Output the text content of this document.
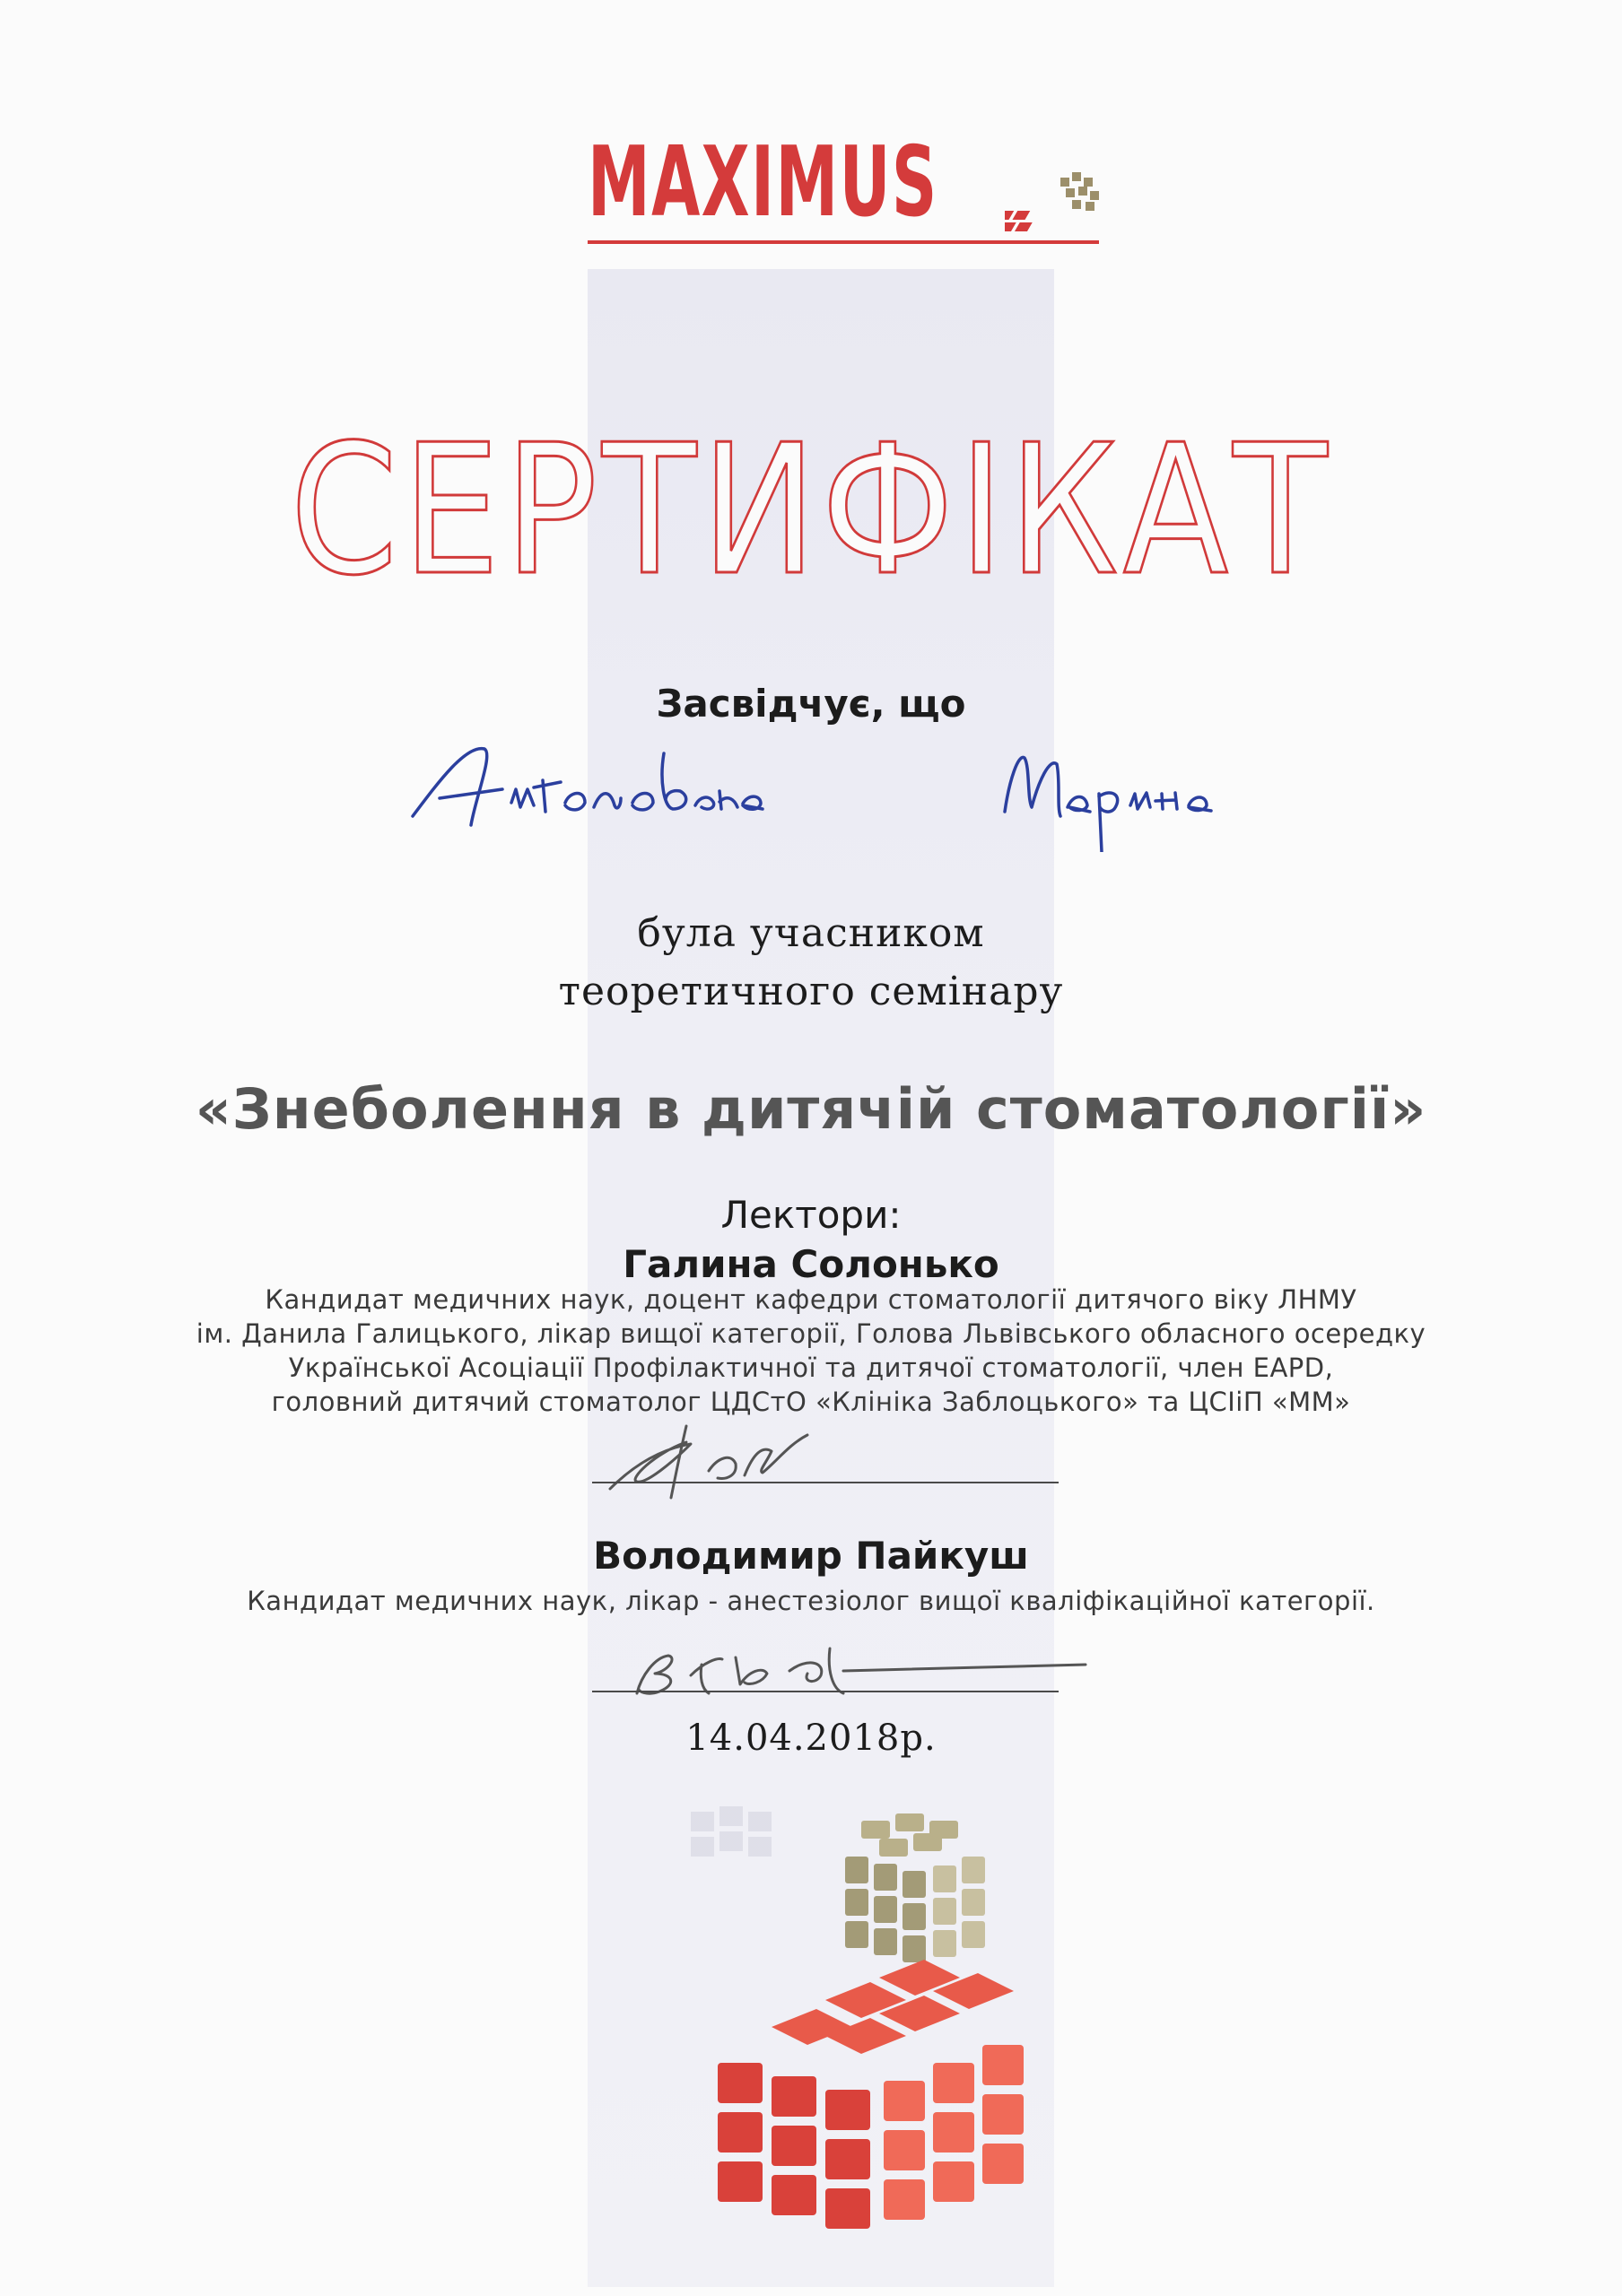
MAXIMUS
СЕРТИФІКАТ
Засвідчує, що
була учасником
теоретичного семінару
«Знеболення в дитячій стоматології»
Лектори:
Галина Солонько
Кандидат медичних наук, доцент кафедри стоматології дитячого віку ЛНМУ
ім. Данила Галицького, лікар вищої категорії, Голова Львівського обласного осередку
Української Асоціації Профілактичної та дитячої стоматології, член EAPD,
головний дитячий стоматолог ЦДСтО «Клініка Заблоцького» та ЦСІіП «ММ»
Володимир Пайкуш
Кандидат медичних наук, лікар - анестезіолог вищої кваліфікаційної категорії.
14.04.2018р.
